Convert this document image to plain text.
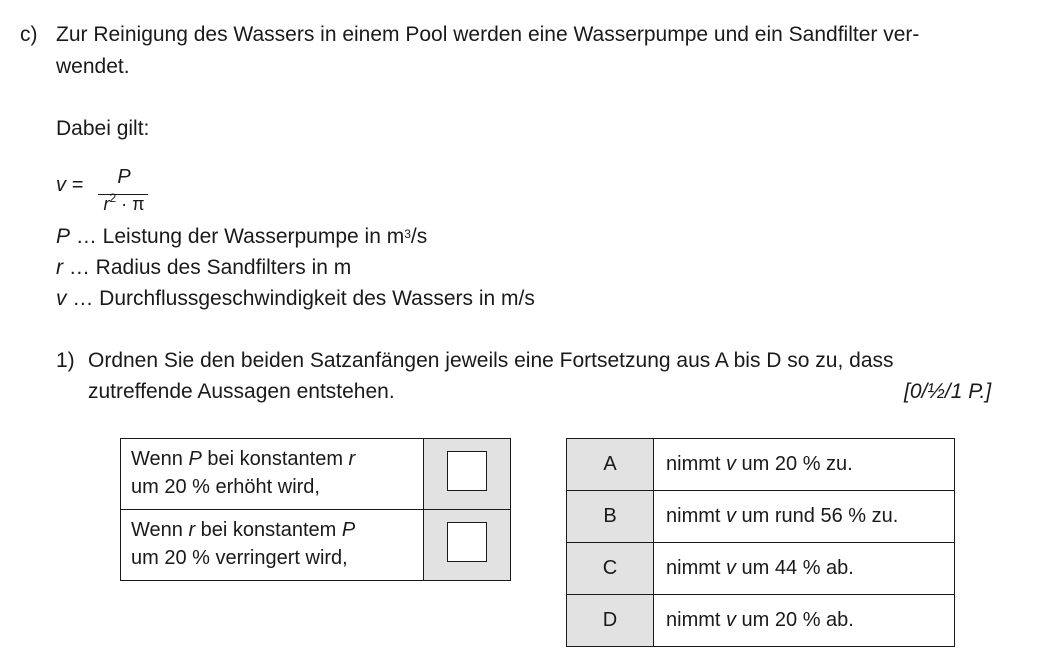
c) Zur Reinigung des Wassers in einem Pool werden eine Wasserpumpe und ein Sandfilter ver-
wendet.
Dabei gilt:
v =	P
$r^2 \cdot \pi$
P … Leistung der Wasserpumpe in $m^3/s$
r … Radius des Sandfilters in m
v … Durchflussgeschwindigkeit des Wassers in m/s
1) Ordnen Sie den beiden Satzanfängen jeweils eine Fortsetzung aus A bis D so zu, dass
zutreffende Aussagen entstehen.	[0/½/1 P.]
Wenn P bei konstantem r
um 20 % erhöht wird,	
Wenn r bei konstantem P
um 20 % verringert wird,	
A	nimmt v um 20 % zu.
B	nimmt v um rund 56 % zu.
C	nimmt v um 44 % ab.
D	nimmt v um 20 % ab.
